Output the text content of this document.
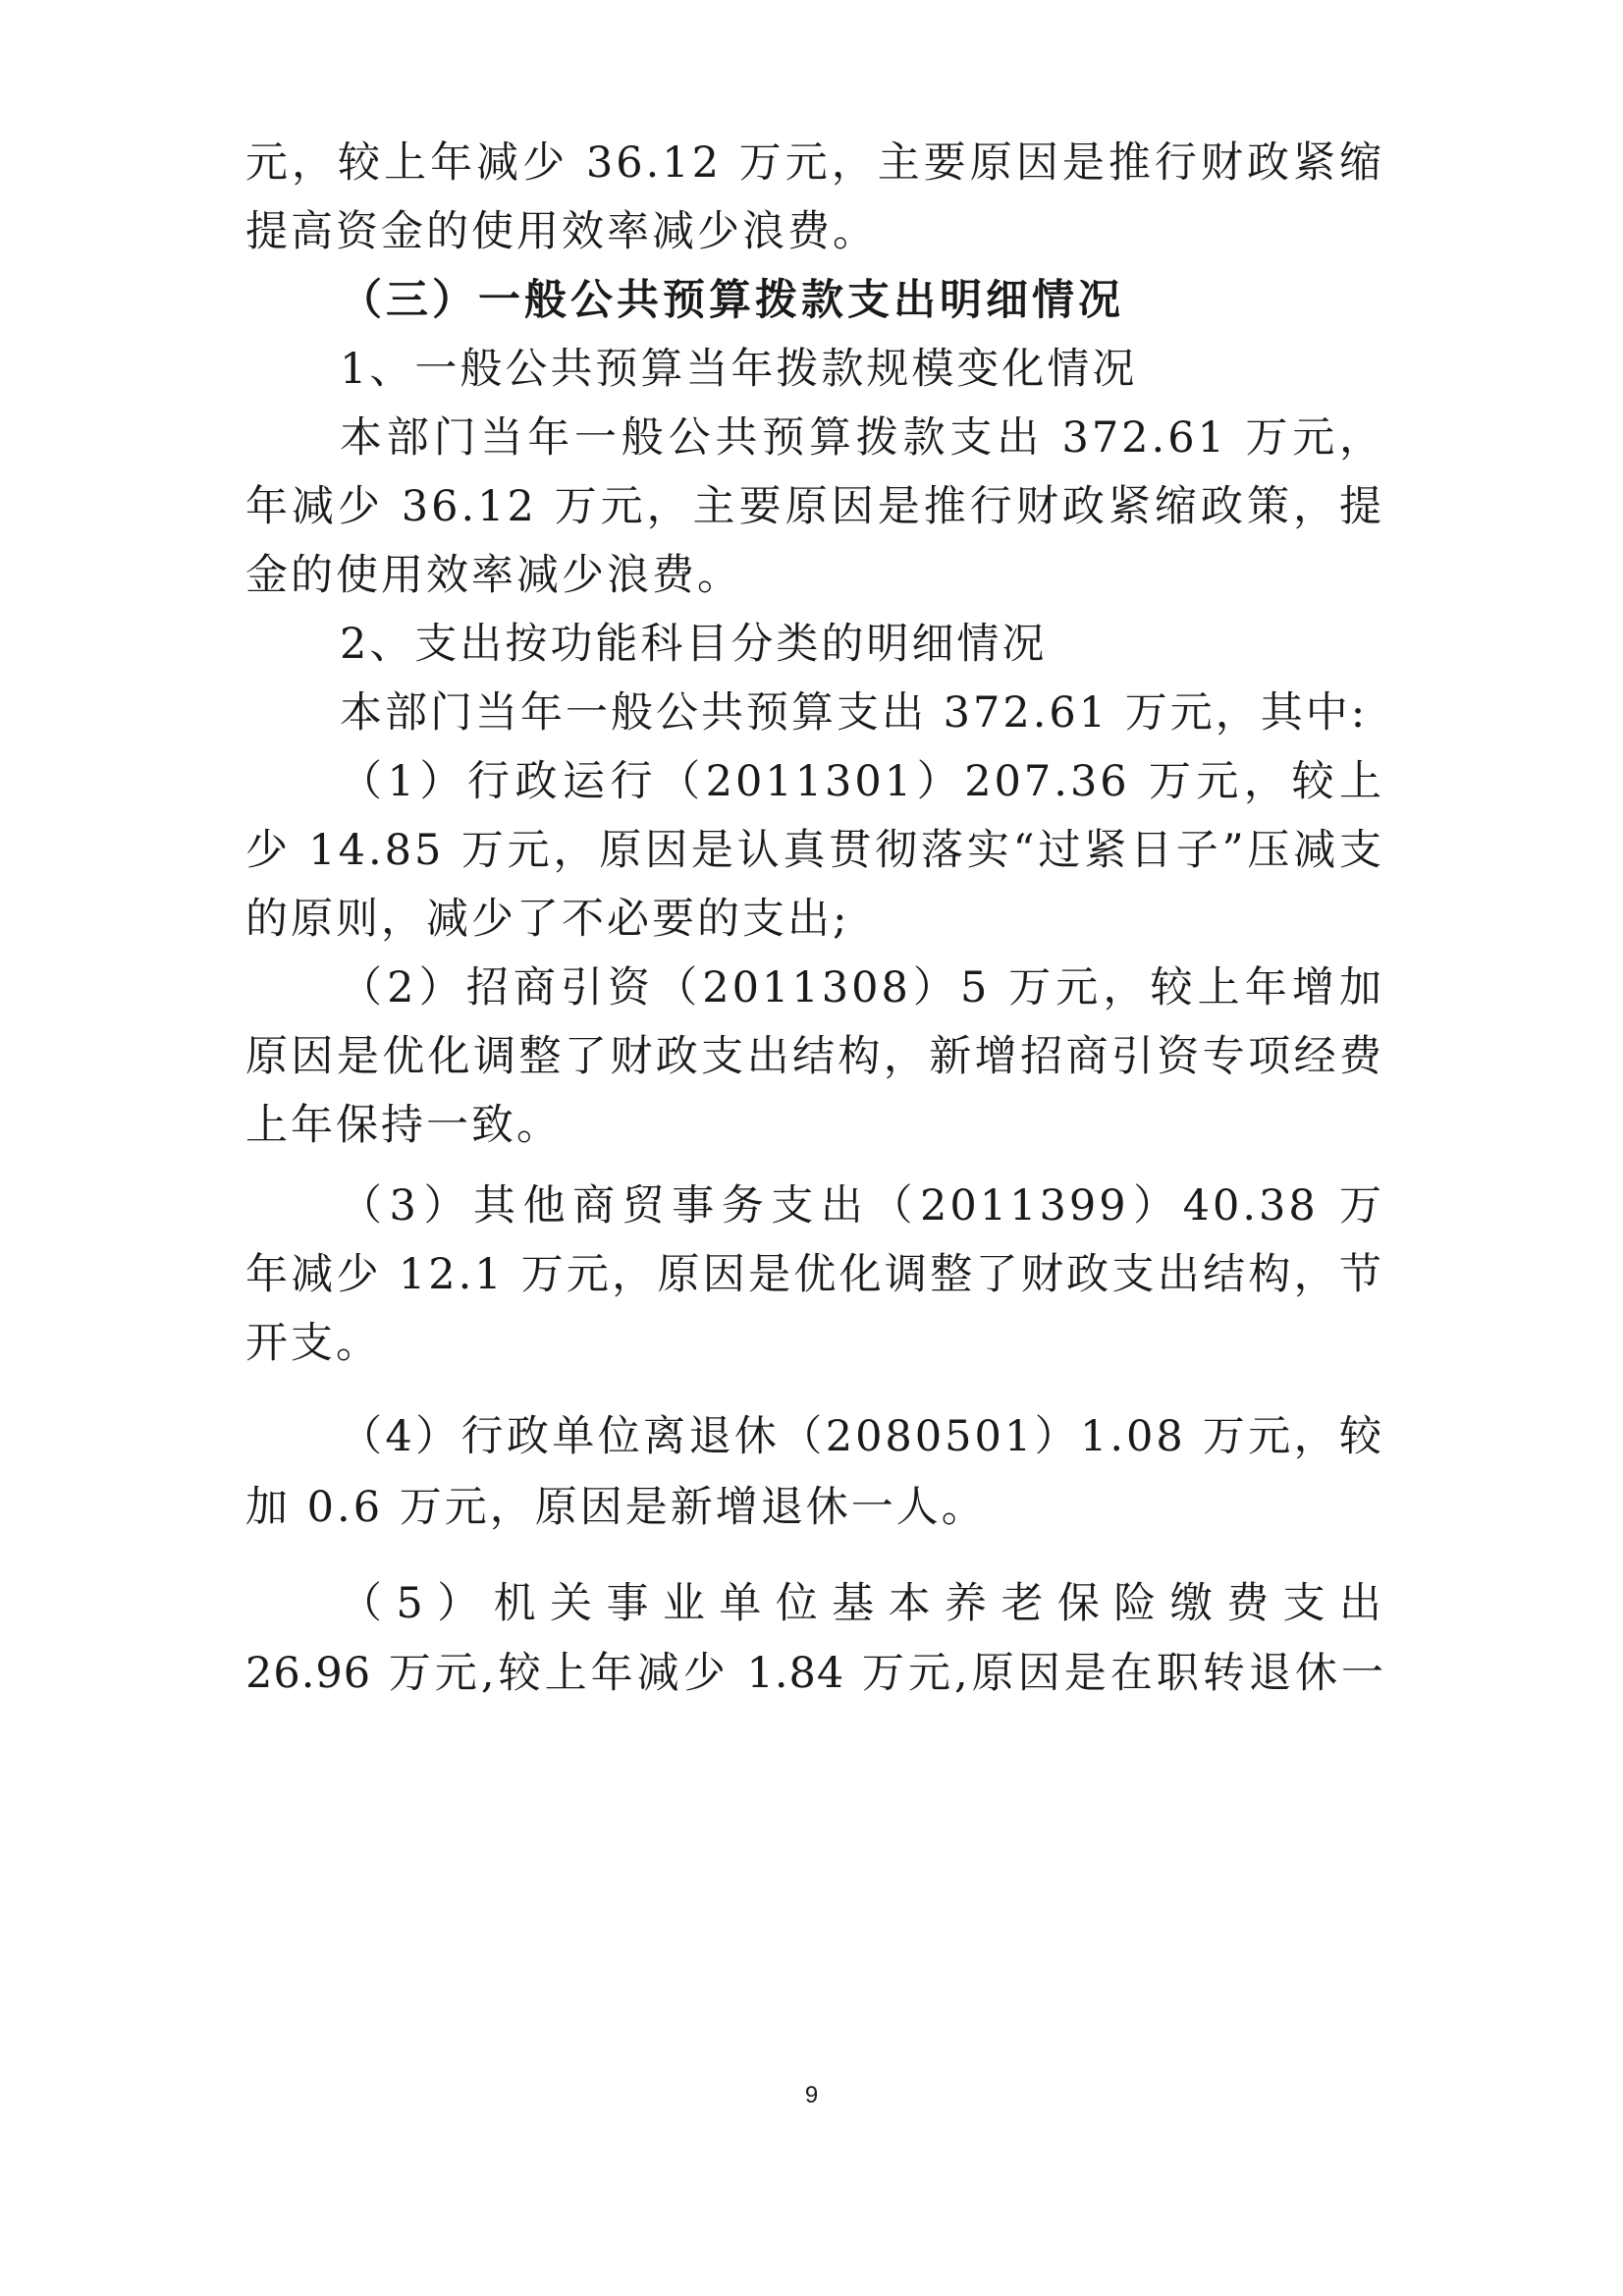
元，较上年减少 36.12 万元，主要原因是推行财政紧缩
提高资金的使用效率减少浪费。
（三）一般公共预算拨款支出明细情况
1、一般公共预算当年拨款规模变化情况
本部门当年一般公共预算拨款支出 372.61 万元，
年减少 36.12 万元，主要原因是推行财政紧缩政策，提
金的使用效率减少浪费。
2、支出按功能科目分类的明细情况
本部门当年一般公共预算支出 372.61 万元，其中:
（1）行政运行（2011301）207.36 万元，较上
少 14.85 万元，原因是认真贯彻落实“过紧日子”压减支
的原则，减少了不必要的支出;
（2）招商引资（2011308）5 万元，较上年增加
原因是优化调整了财政支出结构，新增招商引资专项经费
上年保持一致。
（3）其他商贸事务支出（2011399）40.38 万
年减少 12.1 万元，原因是优化调整了财政支出结构，节
开支。
（4）行政单位离退休（2080501）1.08 万元，较
加 0.6 万元，原因是新增退休一人。
（5）机关事业单位基本养老保险缴费支出
26.96 万元,较上年减少 1.84 万元,原因是在职转退休一
9
